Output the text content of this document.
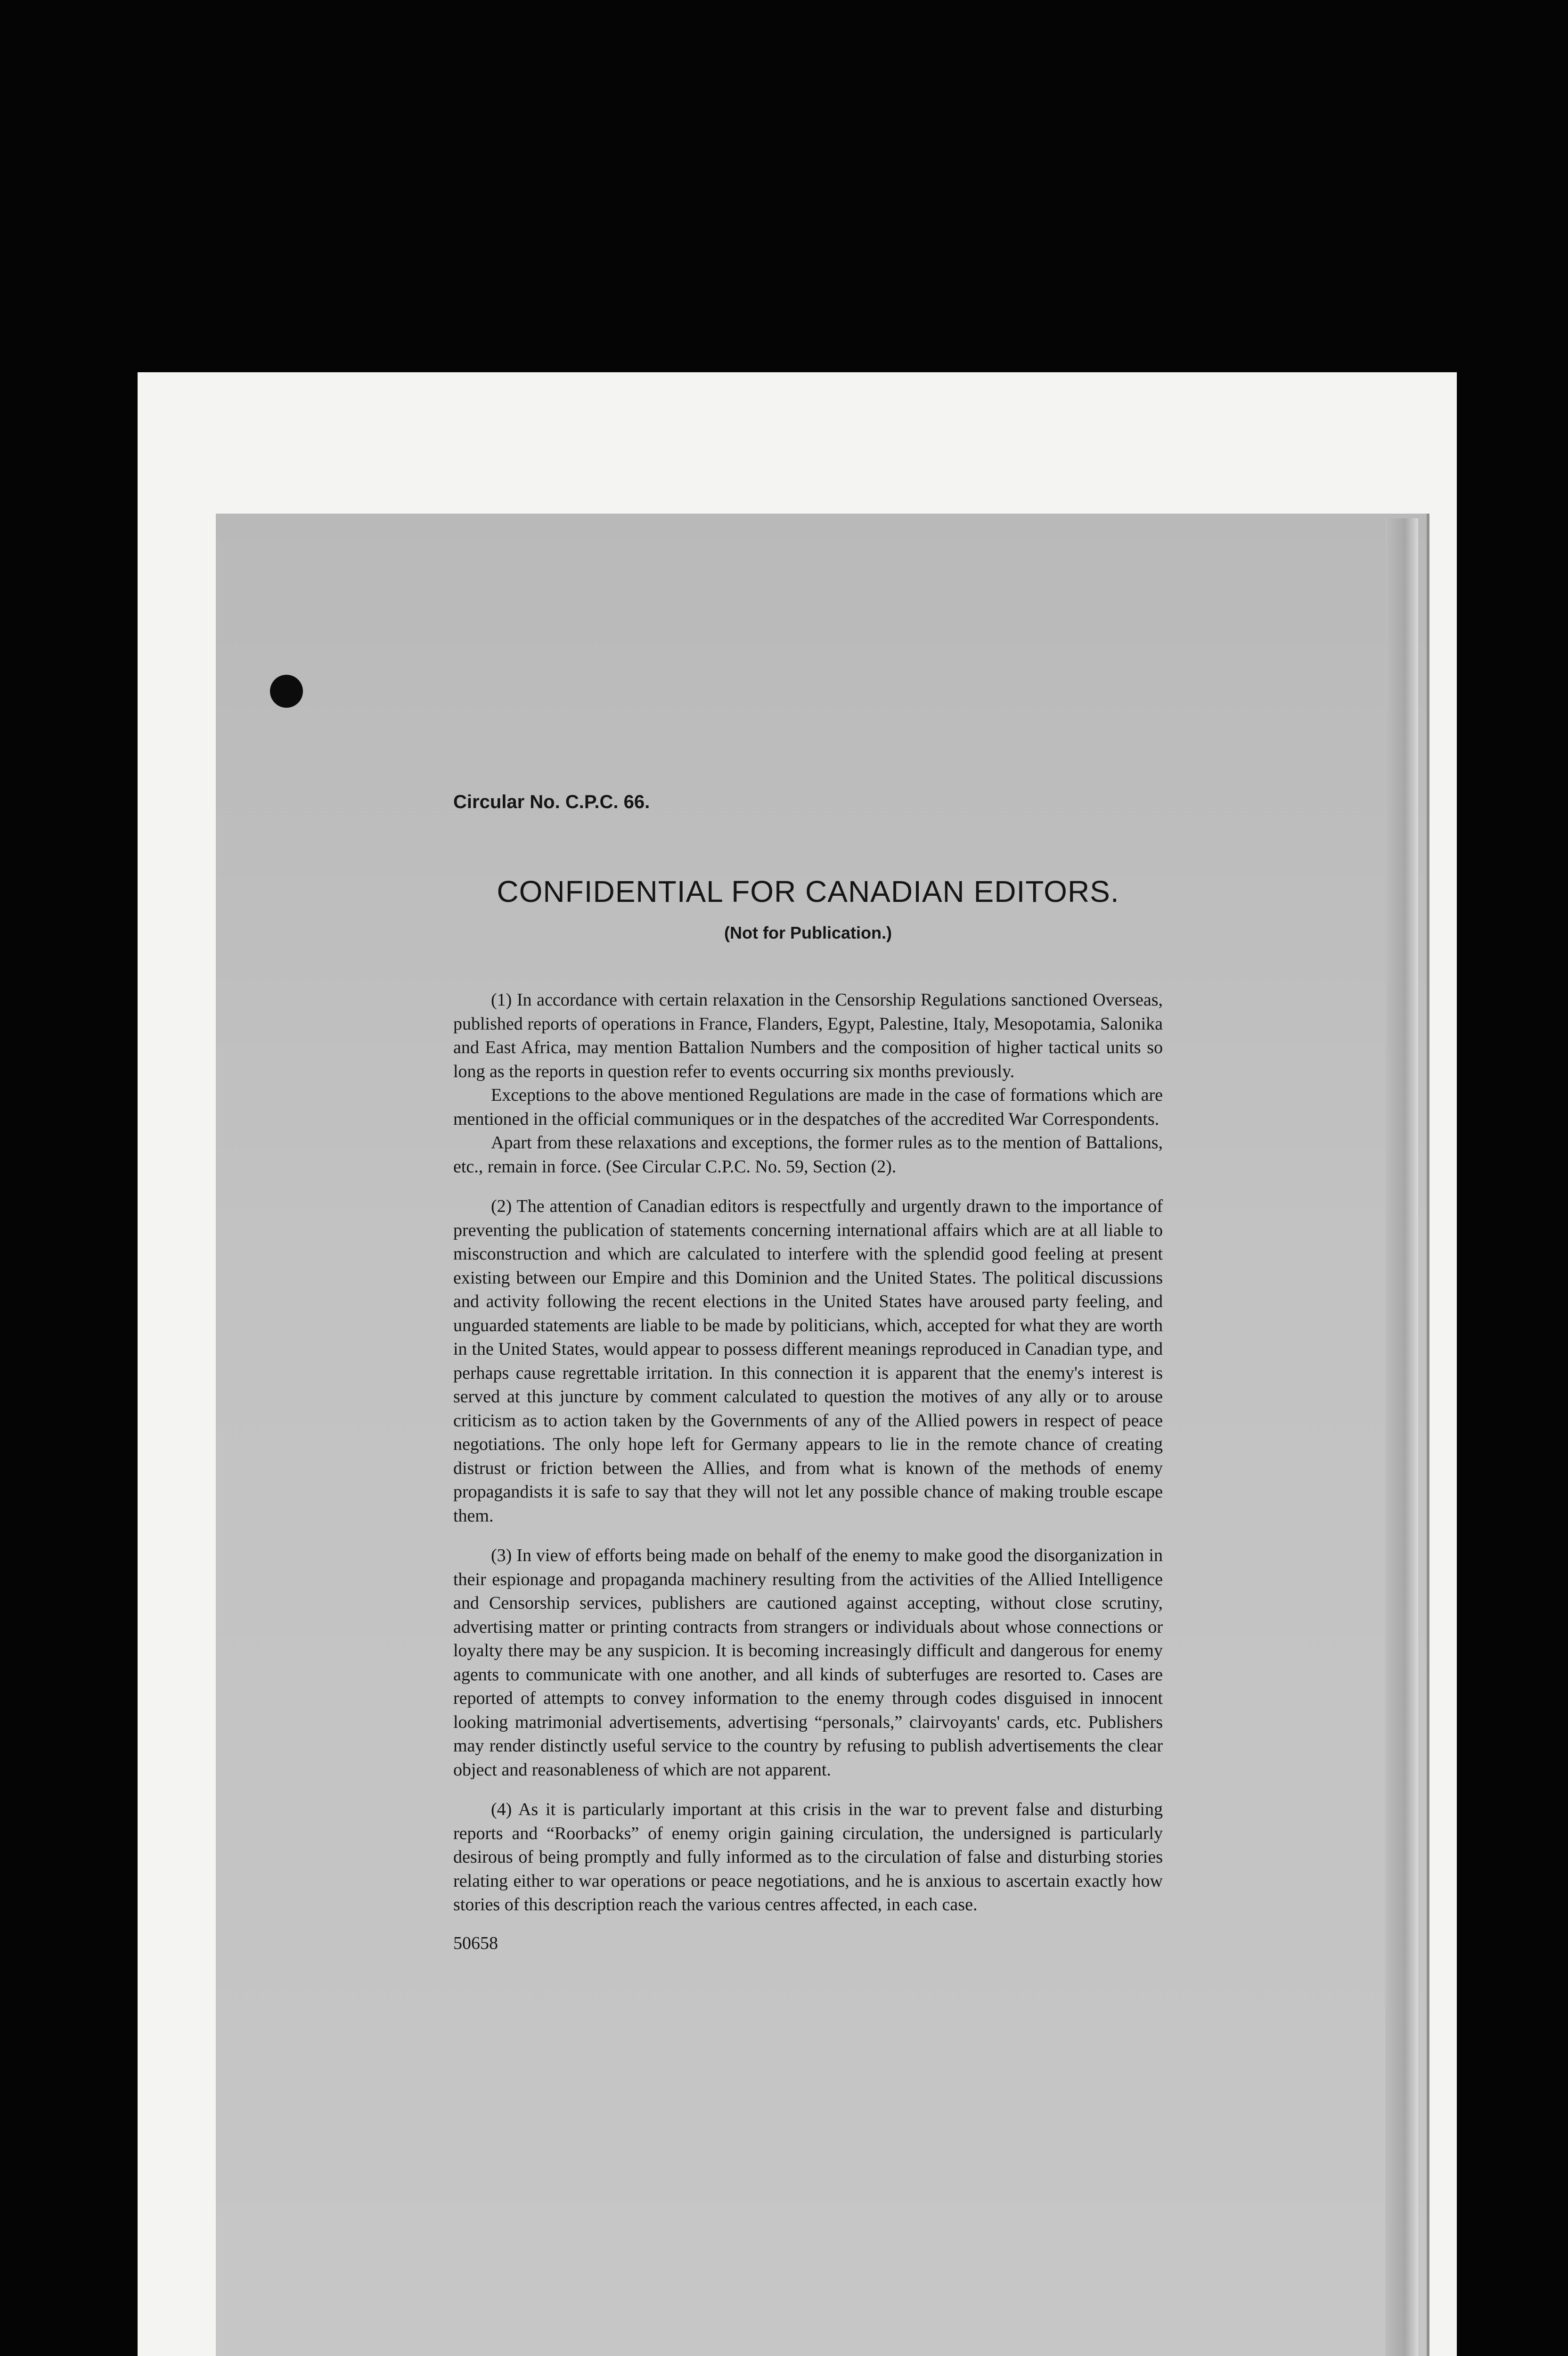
Circular No. C.P.C. 66.
CONFIDENTIAL FOR CANADIAN EDITORS.
(Not for Publication.)

(1) In accordance with certain relaxation in the Censorship Regulations sanctioned Overseas, published reports of operations in France, Flanders, Egypt, Palestine, Italy, Mesopotamia, Salonika and East Africa, may mention Battalion Numbers and the composition of higher tactical units so long as the reports in question refer to events occurring six months previously.

Exceptions to the above mentioned Regulations are made in the case of formations which are mentioned in the official communiques or in the despatches of the accredited War Correspondents.

Apart from these relaxations and exceptions, the former rules as to the mention of Battalions, etc., remain in force. (See Circular C.P.C. No. 59, Section (2).

(2) The attention of Canadian editors is respectfully and urgently drawn to the importance of preventing the publication of statements concerning international affairs which are at all liable to misconstruction and which are calculated to interfere with the splendid good feeling at present existing between our Empire and this Dominion and the United States. The political discussions and activity following the recent elections in the United States have aroused party feeling, and unguarded statements are liable to be made by politicians, which, accepted for what they are worth in the United States, would appear to possess different meanings reproduced in Canadian type, and perhaps cause regrettable irritation. In this connection it is apparent that the enemy's interest is served at this juncture by comment calculated to question the motives of any ally or to arouse criticism as to action taken by the Governments of any of the Allied powers in respect of peace negotiations. The only hope left for Germany appears to lie in the remote chance of creating distrust or friction between the Allies, and from what is known of the methods of enemy propagandists it is safe to say that they will not let any possible chance of making trouble escape them.

(3) In view of efforts being made on behalf of the enemy to make good the disorganization in their espionage and propaganda machinery resulting from the activities of the Allied Intelligence and Censorship services, publishers are cautioned against accepting, without close scrutiny, advertising matter or printing contracts from strangers or individuals about whose connections or loyalty there may be any suspicion. It is becoming increasingly difficult and dangerous for enemy agents to communicate with one another, and all kinds of subterfuges are resorted to. Cases are reported of attempts to convey information to the enemy through codes disguised in innocent looking matrimonial advertisements, advertising “personals,” clairvoyants' cards, etc. Publishers may render distinctly useful service to the country by refusing to publish advertisements the clear object and reasonableness of which are not apparent.

(4) As it is particularly important at this crisis in the war to prevent false and disturbing reports and “Roorbacks” of enemy origin gaining circulation, the undersigned is particularly desirous of being promptly and fully informed as to the circulation of false and disturbing stories relating either to war operations or peace negotiations, and he is anxious to ascertain exactly how stories of this description reach the various centres affected, in each case.

50658
